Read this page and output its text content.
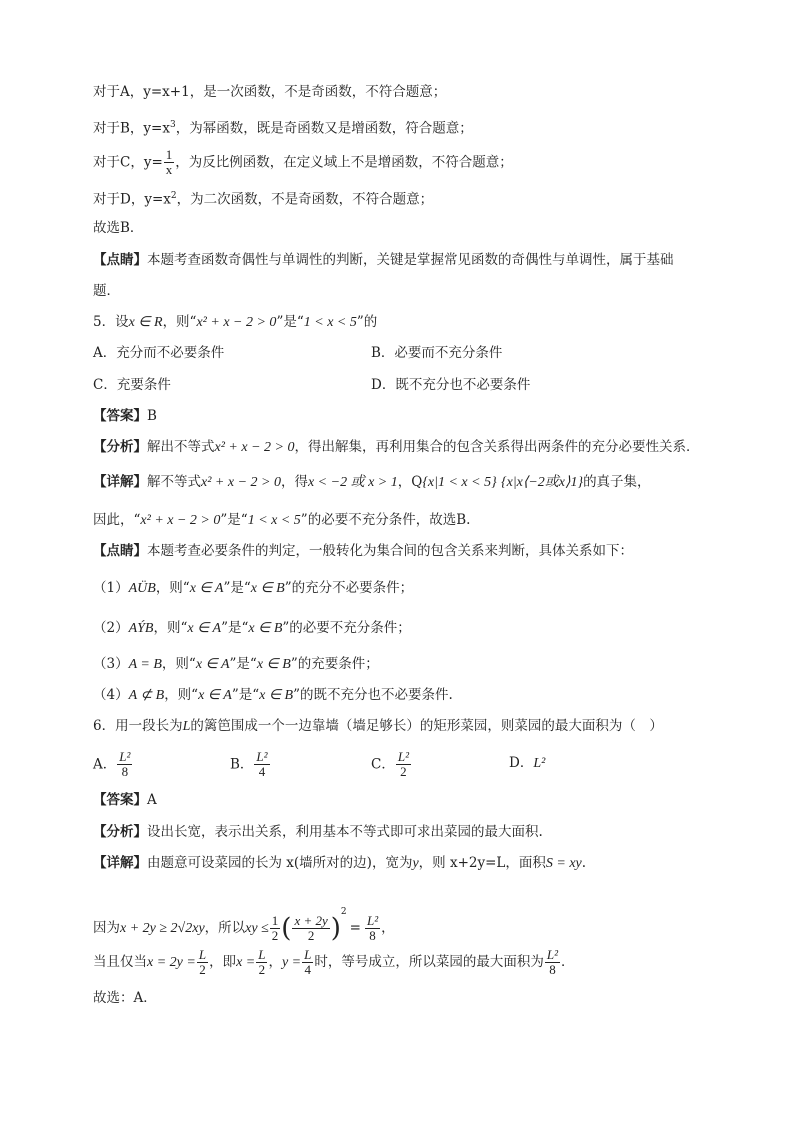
对于A，y=x+1，是一次函数，不是奇函数，不符合题意；
对于B，$y=x^3$，为幂函数，既是奇函数又是增函数，符合题意；
对于C，$y= \frac{1}{x}$ ，为反比例函数，在定义域上不是增函数，不符合题意；
对于D，$y=x^2$，为二次函数，不是奇函数，不符合题意；
故选B．
【点睛】本题考查函数奇偶性与单调性的判断，关键是掌握常见函数的奇偶性与单调性，属于基础
题．
5．设x ∈ R，则“x² + x − 2 > 0”是“1 < x < 5”的
A．充分而不必要条件	B．必要而不充分条件
C．充要条件	D．既不充分也不必要条件
【答案】B
【分析】解出不等式x² + x − 2 > 0，得出解集，再利用集合的包含关系得出两条件的充分必要性关系．
【详解】解不等式x² + x − 2 > 0，得x < −2 或 x > 1，Q{x|1 < x < 5} {x|x⟨−2或x⟩1}的真子集，
因此，“x² + x − 2 > 0”是“1 < x < 5”的必要不充分条件，故选B.
【点睛】本题考查必要条件的判定，一般转化为集合间的包含关系来判断，具体关系如下：
（1）AÜB，则“x ∈ A”是“x ∈ B”的充分不必要条件；
（2）AÝB，则“x ∈ A”是“x ∈ B”的必要不充分条件；
（3）A = B，则“x ∈ A”是“x ∈ B”的充要条件；
（4）A ⊄ B，则“x ∈ A”是“x ∈ B”的既不充分也不必要条件.
6．用一段长为L的篱笆围成一个一边靠墙（墙足够长）的矩形菜园，则菜园的最大面积为（　）
A． $\frac{\text{L²}}{8}$	B． $\frac{\text{L²}}{4}$	C． $\frac{\text{L²}}{2}$	D．L²
【答案】A
【分析】设出长宽，表示出关系，利用基本不等式即可求出菜园的最大面积.
【详解】由题意可设菜园的长为 x(墙所对的边)，宽为y，则 x+2y=L，面积S = xy.
因为x + 2y ≥ 2√2xy，所以xy ≤ $\frac{1}{2}$ ( $\frac{x + 2y}{2} )^2= \frac{\text{L²}}{8}$ ，
当且仅当$x = 2y = \frac{L}{2}$ ，即$x = \frac{L}{2}$ ，$y = \frac{L}{4}$ 时，等号成立，所以菜园的最大面积为 $\frac{\text{L²}}{8}$ ．
故选：A．
